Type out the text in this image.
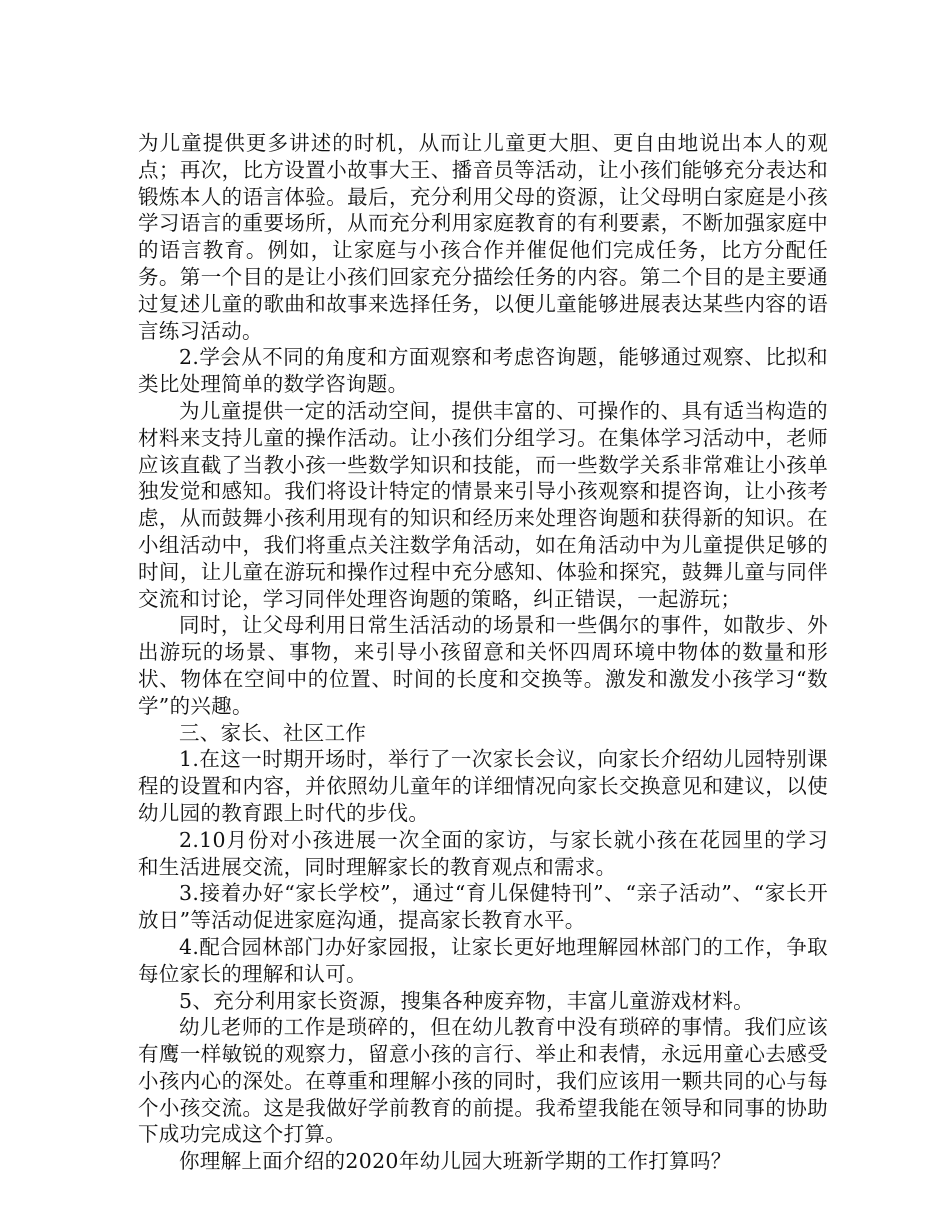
为儿童提供更多讲述的时机，从而让儿童更大胆、更自由地说出本人的观点；再次，比方设置小故事大王、播音员等活动，让小孩们能够充分表达和锻炼本人的语言体验。最后，充分利用父母的资源，让父母明白家庭是小孩学习语言的重要场所，从而充分利用家庭教育的有利要素，不断加强家庭中的语言教育。例如，让家庭与小孩合作并催促他们完成任务，比方分配任务。第一个目的是让小孩们回家充分描绘任务的内容。第二个目的是主要通过复述儿童的歌曲和故事来选择任务，以便儿童能够进展表达某些内容的语言练习活动。

2.学会从不同的角度和方面观察和考虑咨询题，能够通过观察、比拟和类比处理简单的数学咨询题。

为儿童提供一定的活动空间，提供丰富的、可操作的、具有适当构造的材料来支持儿童的操作活动。让小孩们分组学习。在集体学习活动中，老师应该直截了当教小孩一些数学知识和技能，而一些数学关系非常难让小孩单独发觉和感知。我们将设计特定的情景来引导小孩观察和提咨询，让小孩考虑，从而鼓舞小孩利用现有的知识和经历来处理咨询题和获得新的知识。在小组活动中，我们将重点关注数学角活动，如在角活动中为儿童提供足够的时间，让儿童在游玩和操作过程中充分感知、体验和探究，鼓舞儿童与同伴交流和讨论，学习同伴处理咨询题的策略，纠正错误，一起游玩；

同时，让父母利用日常生活活动的场景和一些偶尔的事件，如散步、外出游玩的场景、事物，来引导小孩留意和关怀四周环境中物体的数量和形状、物体在空间中的位置、时间的长度和交换等。激发和激发小孩学习“数学”的兴趣。

三、家长、社区工作

1.在这一时期开场时，举行了一次家长会议，向家长介绍幼儿园特别课程的设置和内容，并依照幼儿童年的详细情况向家长交换意见和建议，以使幼儿园的教育跟上时代的步伐。

2.10月份对小孩进展一次全面的家访，与家长就小孩在花园里的学习和生活进展交流，同时理解家长的教育观点和需求。

3.接着办好“家长学校”，通过“育儿保健特刊”、“亲子活动”、“家长开放日”等活动促进家庭沟通，提高家长教育水平。

4.配合园林部门办好家园报，让家长更好地理解园林部门的工作，争取每位家长的理解和认可。

5、充分利用家长资源，搜集各种废弃物，丰富儿童游戏材料。

幼儿老师的工作是琐碎的，但在幼儿教育中没有琐碎的事情。我们应该有鹰一样敏锐的观察力，留意小孩的言行、举止和表情，永远用童心去感受小孩内心的深处。在尊重和理解小孩的同时，我们应该用一颗共同的心与每个小孩交流。这是我做好学前教育的前提。我希望我能在领导和同事的协助下成功完成这个打算。

你理解上面介绍的2020年幼儿园大班新学期的工作打算吗？
